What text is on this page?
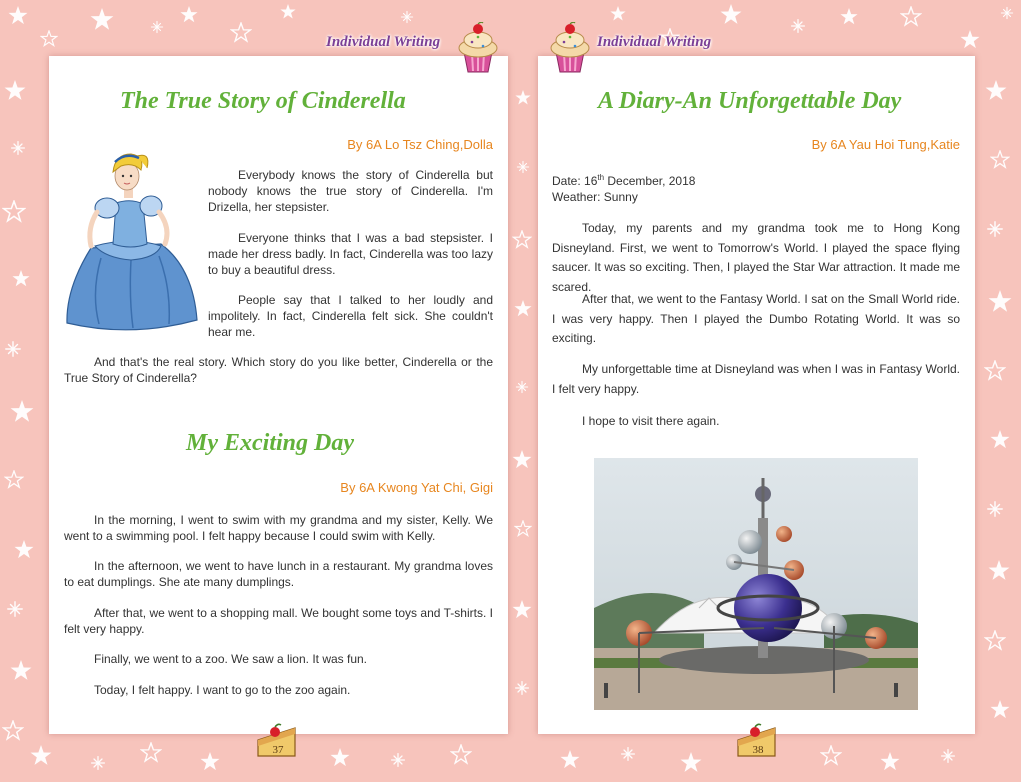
Individual Writing	Individual Writing
The True Story of Cinderella
By 6A Lo Tsz Ching,Dolla

Everybody knows the story of Cinderella but nobody knows the true story of Cinderella. I'm Drizella, her stepsister.

Everyone thinks that I was a bad stepsister. I made her dress badly. In fact, Cinderella was too lazy to buy a beautiful dress.

People say that I talked to her loudly and impolitely. In fact, Cinderella felt sick. She couldn't hear me.

And that's the real story. Which story do you like better, Cinderella or the True Story of Cinderella?

My Exciting Day
By 6A Kwong Yat Chi, Gigi

In the morning, I went to swim with my grandma and my sister, Kelly. We went to a swimming pool. I felt happy because I could swim with Kelly.

In the afternoon, we went to have lunch in a restaurant. My grandma loves to eat dumplings. She ate many dumplings.

After that, we went to a shopping mall. We bought some toys and T-shirts. I felt very happy.

Finally, we went to a zoo. We saw a lion. It was fun.

Today, I felt happy. I want to go to the zoo again.

A Diary-An Unforgettable Day
By 6A Yau Hoi Tung,Katie

Date: 16th December, 2018

Weather: Sunny

Today, my parents and my grandma took me to Hong Kong Disneyland. First, we went to Tomorrow's World. I played the space flying saucer. It was so exciting. Then, I played the Star War attraction. It made me scared.

After that, we went to the Fantasy World. I sat on the Small World ride. I was very happy. Then I played the Dumbo Rotating World. It was so exciting.

My unforgettable time at Disneyland was when I was in Fantasy World. I felt very happy.

I hope to visit there again.

37	38
